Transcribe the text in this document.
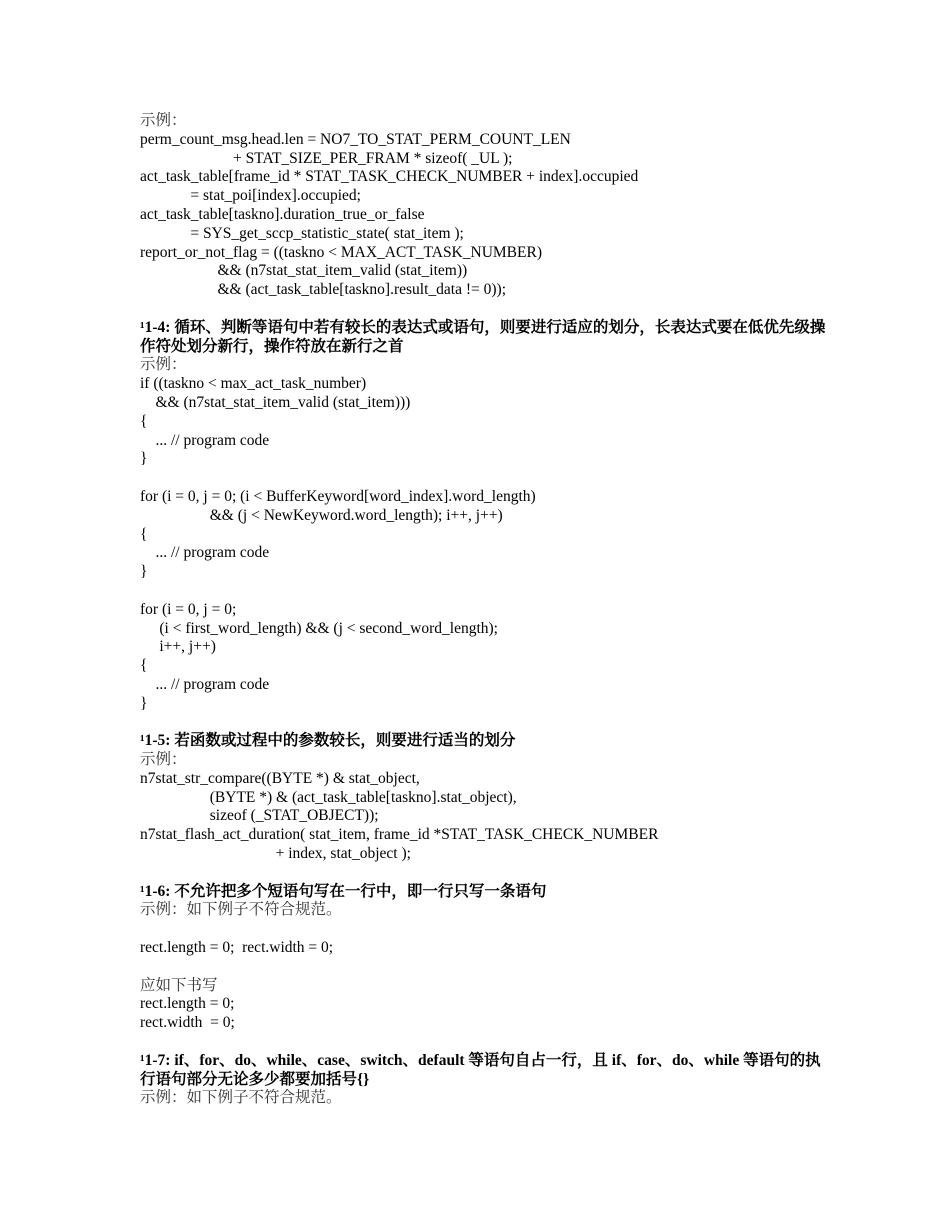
示例：
perm_count_msg.head.len = NO7_TO_STAT_PERM_COUNT_LEN
+ STAT_SIZE_PER_FRAM * sizeof( _UL );
act_task_table[frame_id * STAT_TASK_CHECK_NUMBER + index].occupied
= stat_poi[index].occupied;
act_task_table[taskno].duration_true_or_false
= SYS_get_sccp_statistic_state( stat_item );
report_or_not_flag = ((taskno < MAX_ACT_TASK_NUMBER)
&& (n7stat_stat_item_valid (stat_item))
&& (act_task_table[taskno].result_data != 0));
¹1-4: 循环、判断等语句中若有较长的表达式或语句，则要进行适应的划分，长表达式要在低优先级操作符处划分新行，操作符放在新行之首
示例：
if ((taskno < max_act_task_number)
&& (n7stat_stat_item_valid (stat_item)))
{
... // program code
}
for (i = 0, j = 0; (i < BufferKeyword[word_index].word_length)
&& (j < NewKeyword.word_length); i++, j++)
{
... // program code
}
for (i = 0, j = 0;
(i < first_word_length) && (j < second_word_length);
i++, j++)
{
... // program code
}
¹1-5: 若函数或过程中的参数较长，则要进行适当的划分
示例：
n7stat_str_compare((BYTE *) & stat_object,
(BYTE *) & (act_task_table[taskno].stat_object),
sizeof (_STAT_OBJECT));
n7stat_flash_act_duration( stat_item, frame_id *STAT_TASK_CHECK_NUMBER
+ index, stat_object );
¹1-6: 不允许把多个短语句写在一行中，即一行只写一条语句
示例：如下例子不符合规范。
rect.length = 0;  rect.width = 0;
应如下书写
rect.length = 0;
rect.width  = 0;
¹1-7: if、for、do、while、case、switch、default 等语句自占一行，且 if、for、do、while 等语句的执行语句部分无论多少都要加括号{}
示例：如下例子不符合规范。
